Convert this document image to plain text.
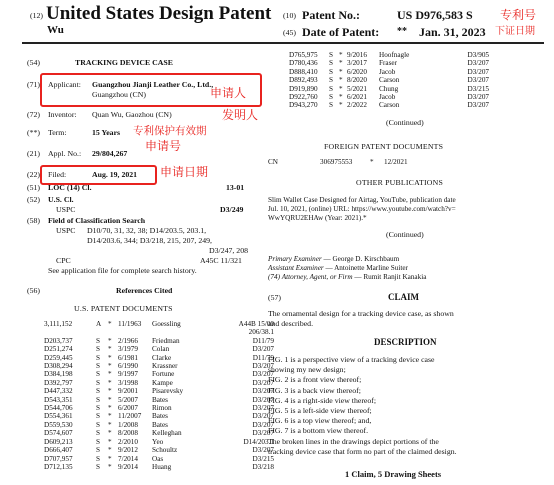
(12) United States Design Patent
Wu
(10) Patent No.:	US D976,583 S
(45) Date of Patent: ** Jan. 31, 2023
专利号
下证日期
(54)	TRACKING DEVICE CASE
(71) Applicant: Guangzhou Jianji Leather Co., Ltd.,
Guangzhou (CN)
(72) Inventor: Quan Wu, Gaozhou (CN)
(**) Term:	15 Years
(21) Appl. No.: 29/804,267
(22) Filed:	Aug. 19, 2021
(51) LOC (14) Cl.	13-01
(52) U.S. Cl.
USPC	D3/249
(58) Field of Classification Search
USPC D10/70, 31, 32, 38; D14/203.5, 203.1,
D14/203.6, 344; D3/218, 215, 207, 249,
D3/247, 208
CPC	A45C 11/321
See application file for complete search history.
(56)	References Cited
U.S. PATENT DOCUMENTS
3,111,152	A	*	11/1963	Goessling	A44B 15/00
					206/38.1
D203,737	S	*	2/1966	Friedman	D11/79
D251,274	S	*	3/1979	Colan	D3/207
D259,445	S	*	6/1981	Clarke	D11/79
D308,294	S	*	6/1990	Krassner	D3/207
D384,198	S	*	9/1997	Fortune	D3/207
D392,797	S	*	3/1998	Kampe	D3/207
D447,332	S	*	9/2001	Pisarevsky	D3/207
D543,351	S	*	5/2007	Bates	D3/207
D544,706	S	*	6/2007	Rimon	D3/207
D554,361	S	*	11/2007	Bates	D3/207
D559,530	S	*	1/2008	Bates	D3/207
D574,607	S	*	8/2008	Kelleghan	D3/207
D609,213	S	*	2/2010	Yeo	D14/203.1
D666,407	S	*	9/2012	Schoultz	D3/207
D707,957	S	*	7/2014	Oas	D3/215
D712,135	S	*	9/2014	Huang	D3/218
申请人
发明人
专利保护有效期
申请号
申请日期
D765,975	S	*	9/2016	Hoofnagle	D3/905
D780,436	S	*	3/2017	Fraser	D3/207
D888,410	S	*	6/2020	Jacob	D3/207
D892,493	S	*	8/2020	Carson	D3/207
D919,890	S	*	5/2021	Chung	D3/215
D922,760	S	*	6/2021	Jacob	D3/207
D943,270	S	*	2/2022	Carson	D3/207
(Continued)
FOREIGN PATENT DOCUMENTS
CN	306975553 * 12/2021
OTHER PUBLICATIONS
Slim Wallet Case Designed for Airtag, YouTube, publication date
Jul. 10, 2021, (online) URL: https://www.youtube.com/watch?v=
WwYQRU2EHAw (Year: 2021).*
(Continued)
Primary Examiner — George D. Kirschbaum
Assistant Examiner — Antoinette Marline Suiter
(74) Attorney, Agent, or Firm — Rumit Ranjit Kanakia
(57)	CLAIM
The ornamental design for a tracking device case, as shown
and described.
DESCRIPTION
FIG. 1 is a perspective view of a tracking device case
showing my new design;
FIG. 2 is a front view thereof;
FIG. 3 is a back view thereof;
FIG. 4 is a right-side view thereof;
FIG. 5 is a left-side view thereof;
FIG. 6 is a top view thereof; and,
FIG. 7 is a bottom view thereof.
The broken lines in the drawings depict portions of the
tracking device case that form no part of the claimed design.
1 Claim, 5 Drawing Sheets
